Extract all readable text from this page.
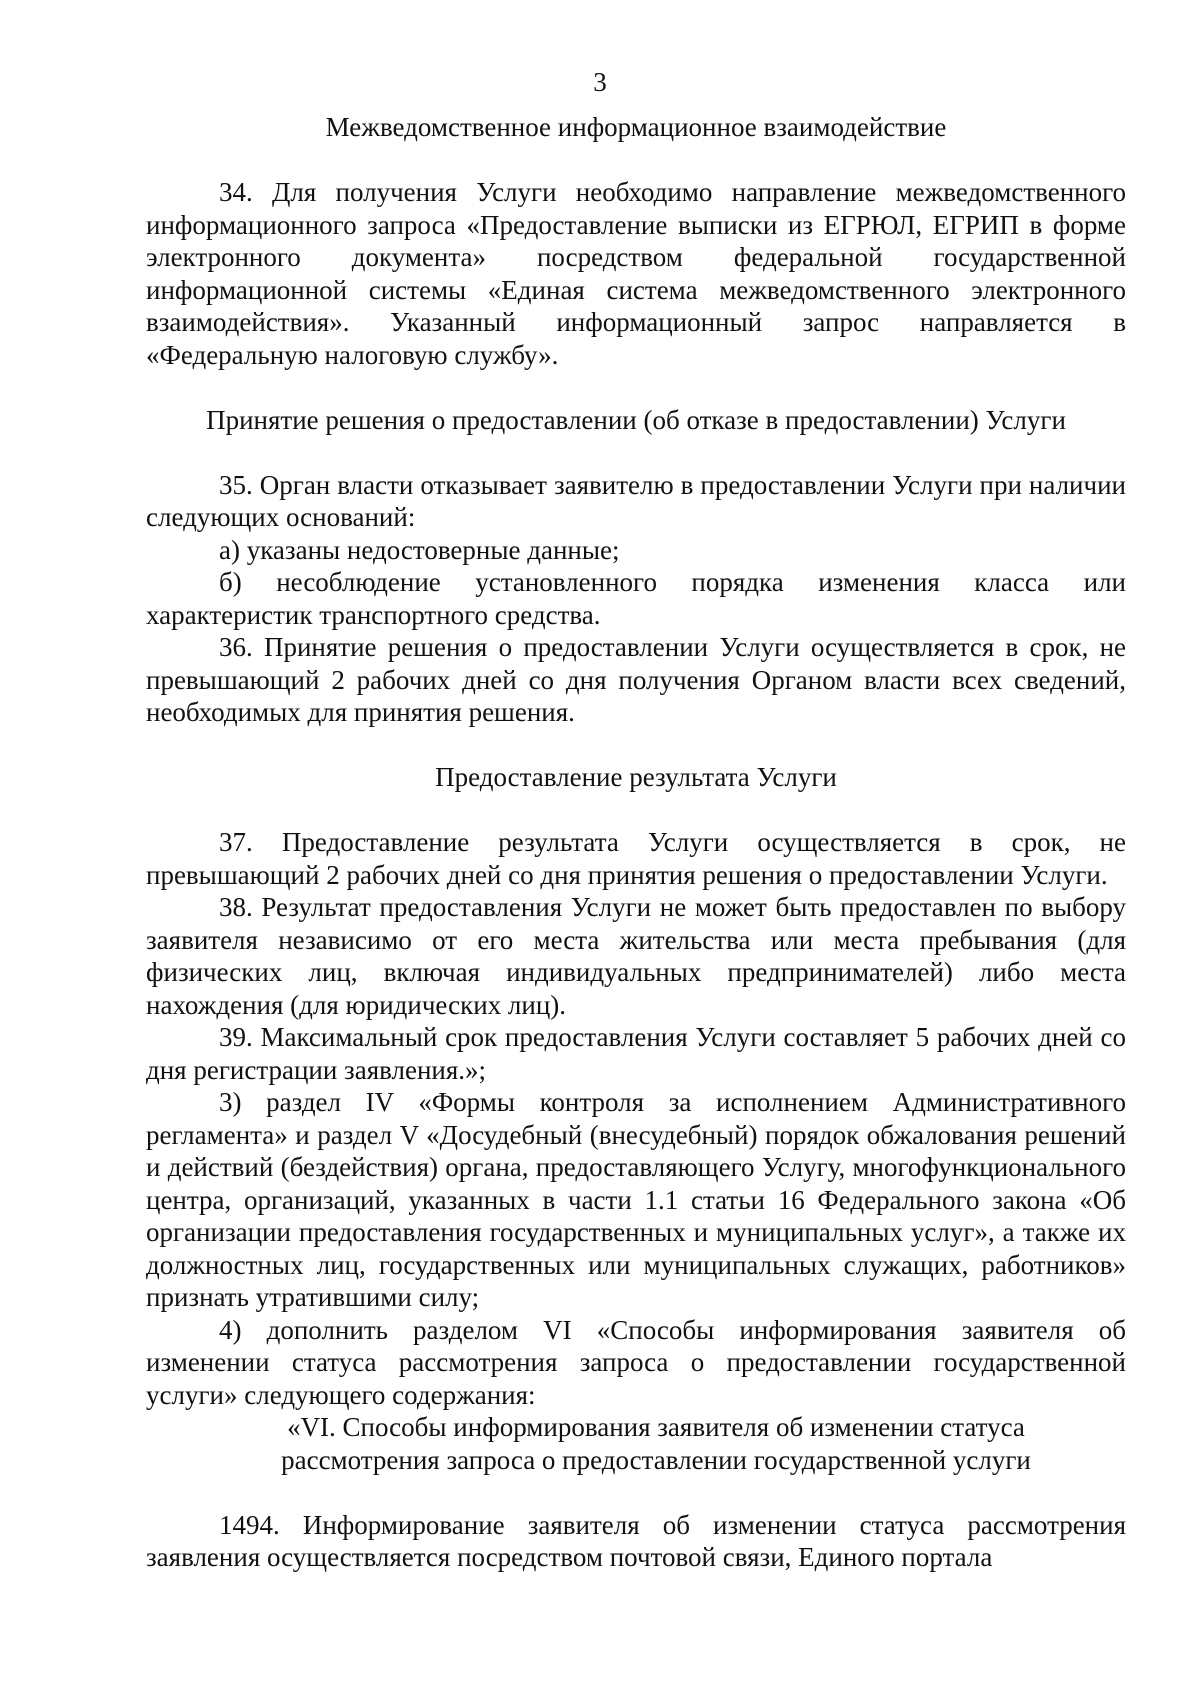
3
Межведомственное информационное взаимодействие

34. Для получения Услуги необходимо направление межведомственного информационного запроса «Предоставление выписки из ЕГРЮЛ, ЕГРИП в форме электронного документа» посредством федеральной государственной информационной системы «Единая система межведомственного электронного взаимодействия». Указанный информационный запрос направляется в «Федеральную налоговую службу».

Принятие решения о предоставлении (об отказе в предоставлении) Услуги

35. Орган власти отказывает заявителю в предоставлении Услуги при наличии следующих оснований:

а) указаны недостоверные данные;

б) несоблюдение установленного порядка изменения класса или характеристик транспортного средства.

36. Принятие решения о предоставлении Услуги осуществляется в срок, не превышающий 2 рабочих дней со дня получения Органом власти всех сведений, необходимых для принятия решения.

Предоставление результата Услуги

37. Предоставление результата Услуги осуществляется в срок, не превышающий 2 рабочих дней со дня принятия решения о предоставлении Услуги.

38. Результат предоставления Услуги не может быть предоставлен по выбору заявителя независимо от его места жительства или места пребывания (для физических лиц, включая индивидуальных предпринимателей) либо места нахождения (для юридических лиц).

39. Максимальный срок предоставления Услуги составляет 5 рабочих дней со дня регистрации заявления.»;

3) раздел IV «Формы контроля за исполнением Административного регламента» и раздел V «Досудебный (внесудебный) порядок обжалования решений и действий (бездействия) органа, предоставляющего Услугу, многофункционального центра, организаций, указанных в части 1.1 статьи 16 Федерального закона «Об организации предоставления государственных и муниципальных услуг», а также их должностных лиц, государственных или муниципальных служащих, работников» признать утратившими силу;

4) дополнить разделом VI «Способы информирования заявителя об изменении статуса рассмотрения запроса о предоставлении государственной услуги» следующего содержания:

«VI. Способы информирования заявителя об изменении статуса
рассмотрения запроса о предоставлении государственной услуги

1494. Информирование заявителя об изменении статуса рассмотрения заявления осуществляется посредством почтовой связи, Единого портала
